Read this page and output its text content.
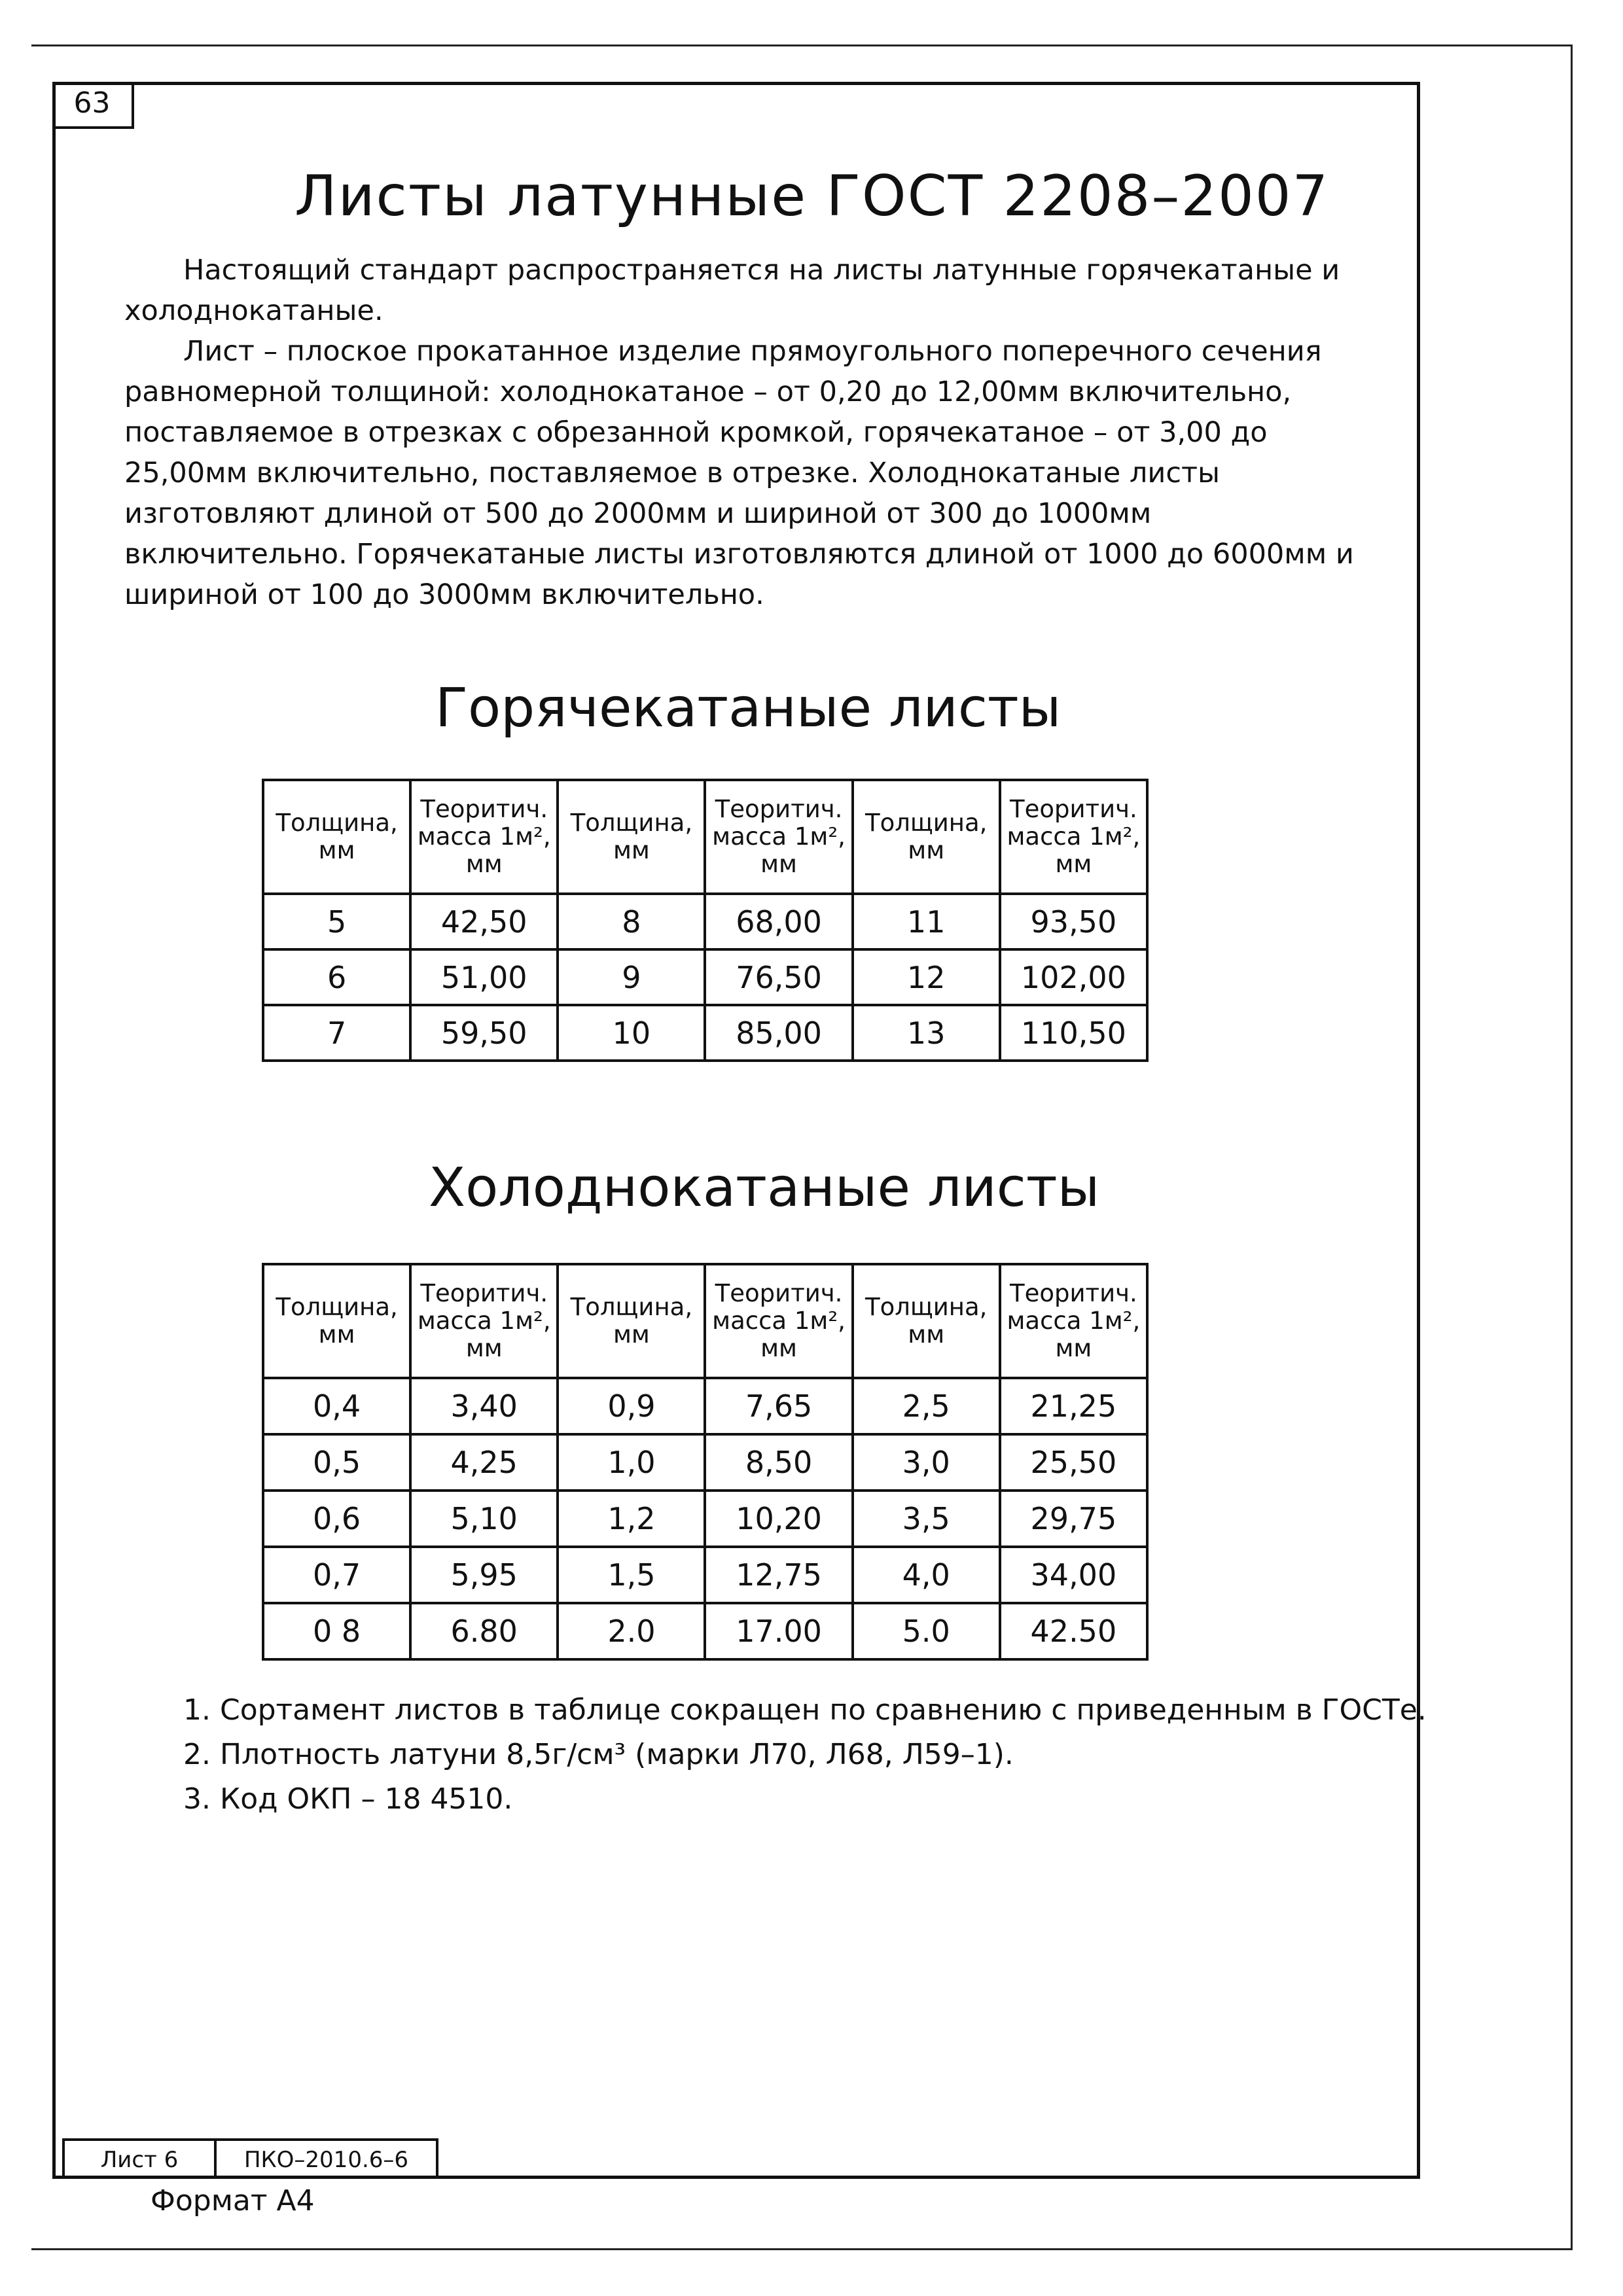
63
Листы латунные ГОСТ 2208–2007

Настоящий стандарт распространяется на листы латунные горячекатаные и холоднокатаные.

Лист – плоское прокатанное изделие прямоугольного поперечного сечения равномерной толщиной: холоднокатаное – от 0,20 до 12,00мм включительно, поставляемое в отрезках с обрезанной кромкой, горячекатаное – от 3,00 до 25,00мм включительно, поставляемое в отрезке. Холоднокатаные листы изготовляют длиной от 500 до 2000мм и шириной от 300 до 1000мм включительно. Горячекатаные листы изготовляются длиной от 1000 до 6000мм и шириной от 100 до 3000мм включительно.

Горячекатаные листы
Толщина, мм	Теоритич. масса 1м², мм	Толщина, мм	Теоритич. масса 1м², мм	Толщина, мм	Теоритич. масса 1м², мм
5	42,50	8	68,00	11	93,50
6	51,00	9	76,50	12	102,00
7	59,50	10	85,00	13	110,50
Холоднокатаные листы
Толщина, мм	Теоритич. масса 1м², мм	Толщина, мм	Теоритич. масса 1м², мм	Толщина, мм	Теоритич. масса 1м², мм
0,4	3,40	0,9	7,65	2,5	21,25
0,5	4,25	1,0	8,50	3,0	25,50
0,6	5,10	1,2	10,20	3,5	29,75
0,7	5,95	1,5	12,75	4,0	34,00
0 8	6.80	2.0	17.00	5.0	42.50
1. Сортамент листов в таблице сокращен по сравнению с приведенным в ГОСТе.
2. Плотность латуни 8,5г/см³ (марки Л70, Л68, Л59–1).
3. Код ОКП – 18 4510.
Лист 6	ПКО–2010.6–6
Формат А4
